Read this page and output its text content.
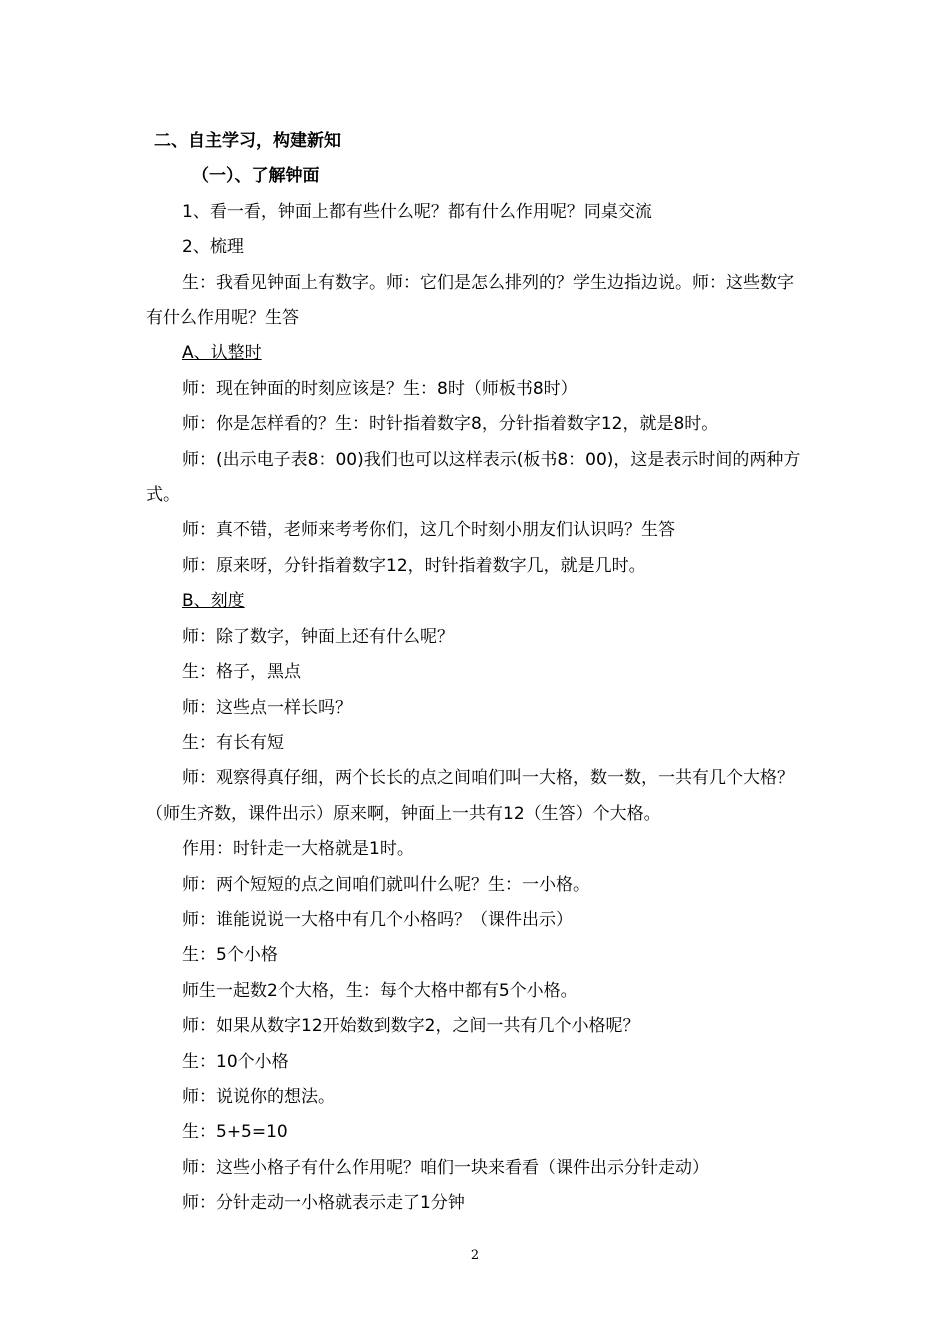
二、自主学习，构建新知

（一）、了解钟面

1、看一看，钟面上都有些什么呢？都有什么作用呢？同桌交流

2、梳理

生：我看见钟面上有数字。师：它们是怎么排列的？学生边指边说。师：这些数字有什么作用呢？生答

A、认整时

师：现在钟面的时刻应该是？生：8时（师板书8时）

师：你是怎样看的？生：时针指着数字8，分针指着数字12，就是8时。

师：(出示电子表8：00)我们也可以这样表示(板书8：00)，这是表示时间的两种方式。

师：真不错，老师来考考你们，这几个时刻小朋友们认识吗？生答

师：原来呀，分针指着数字12，时针指着数字几，就是几时。

B、刻度

师：除了数字，钟面上还有什么呢？

生：格子，黑点

师：这些点一样长吗？

生：有长有短

师：观察得真仔细，两个长长的点之间咱们叫一大格，数一数，一共有几个大格？（师生齐数，课件出示）原来啊，钟面上一共有12（生答）个大格。

作用：时针走一大格就是1时。

师：两个短短的点之间咱们就叫什么呢？生：一小格。

师：谁能说说一大格中有几个小格吗？（课件出示）

生：5个小格

师生一起数2个大格，生：每个大格中都有5个小格。

师：如果从数字12开始数到数字2，之间一共有几个小格呢？

生：10个小格

师：说说你的想法。

生：5+5=10

师：这些小格子有什么作用呢？咱们一块来看看（课件出示分针走动）

师：分针走动一小格就表示走了1分钟

2
